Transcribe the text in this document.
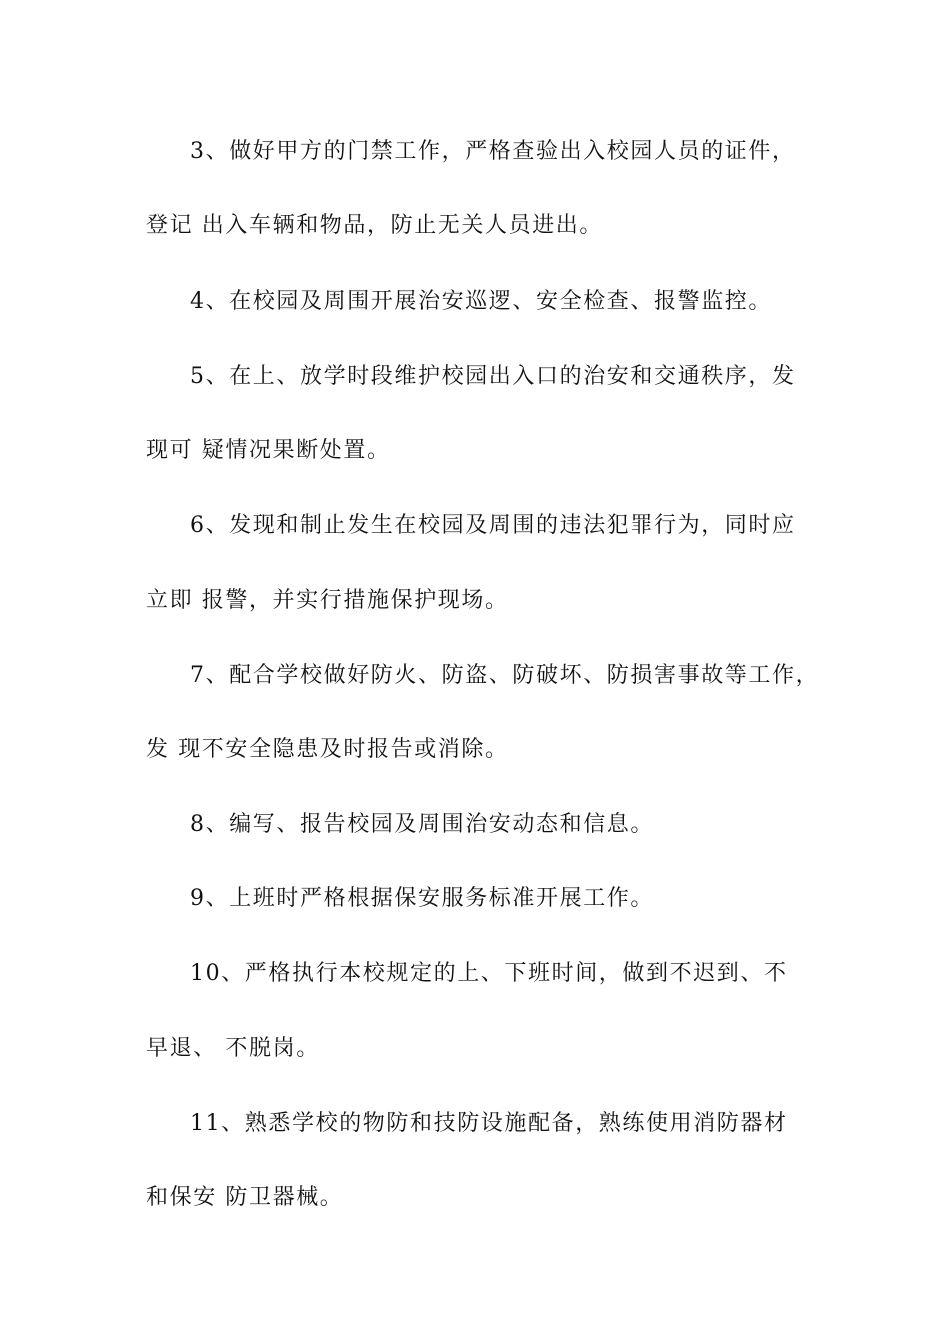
3、做好甲方的门禁工作，严格查验出入校园人员的证件，
登记 出入车辆和物品，防止无关人员进出。
4、在校园及周围开展治安巡逻、安全检查、报警监控。
5、在上、放学时段维护校园出入口的治安和交通秩序，发
现可 疑情况果断处置。
6、发现和制止发生在校园及周围的违法犯罪行为，同时应
立即 报警，并实行措施保护现场。
7、配合学校做好防火、防盗、防破坏、防损害事故等工作，
发 现不安全隐患及时报告或消除。
8、编写、报告校园及周围治安动态和信息。
9、上班时严格根据保安服务标准开展工作。
10、严格执行本校规定的上、下班时间，做到不迟到、不
早退、 不脱岗。
11、熟悉学校的物防和技防设施配备，熟练使用消防器材
和保安 防卫器械。
